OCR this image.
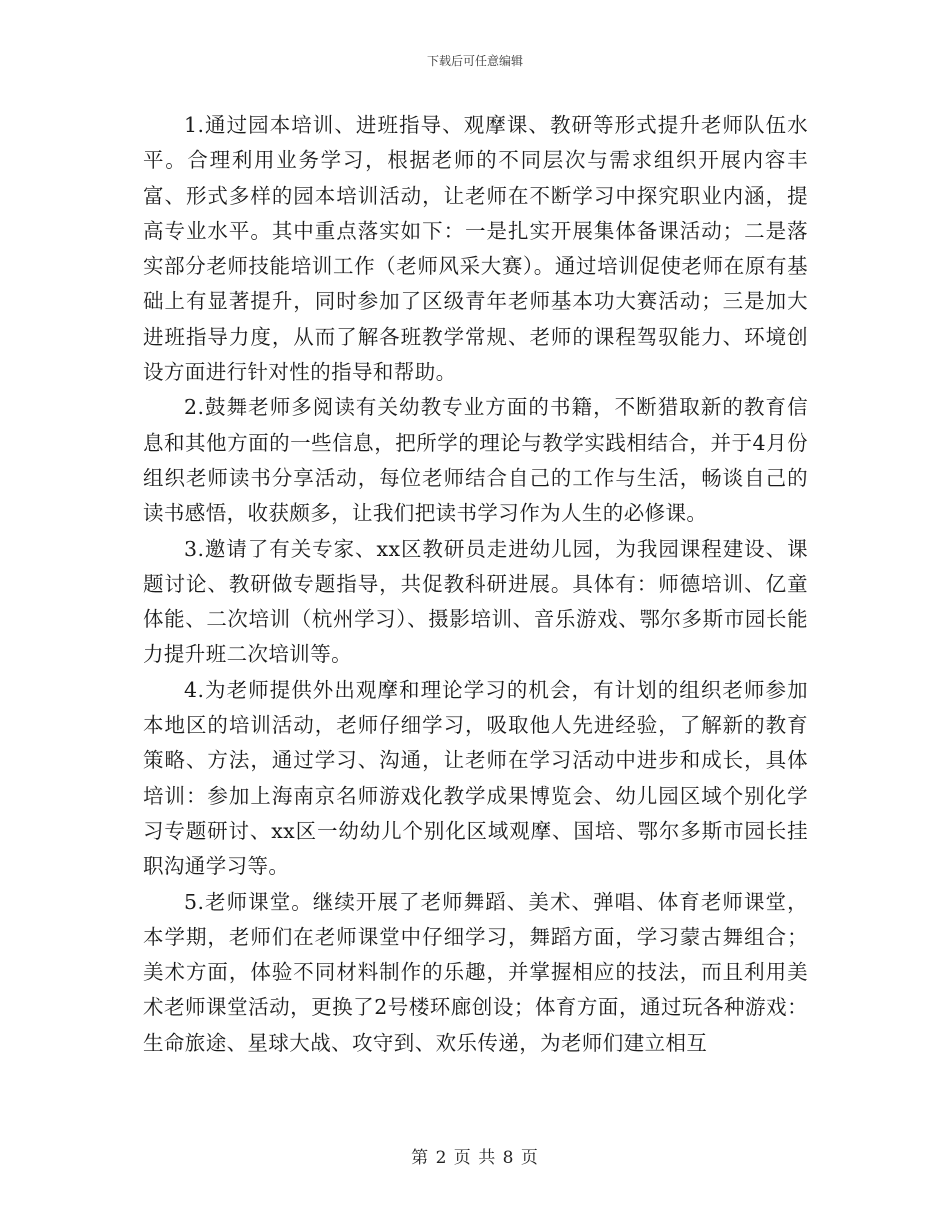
下载后可任意编辑

1.通过园本培训、进班指导、观摩课、教研等形式提升老师队伍水平。合理利用业务学习，根据老师的不同层次与需求组织开展内容丰富、形式多样的园本培训活动，让老师在不断学习中探究职业内涵，提高专业水平。其中重点落实如下：一是扎实开展集体备课活动；二是落实部分老师技能培训工作（老师风采大赛）。通过培训促使老师在原有基础上有显著提升，同时参加了区级青年老师基本功大赛活动；三是加大进班指导力度，从而了解各班教学常规、老师的课程驾驭能力、环境创设方面进行针对性的指导和帮助。

2.鼓舞老师多阅读有关幼教专业方面的书籍，不断猎取新的教育信息和其他方面的一些信息，把所学的理论与教学实践相结合，并于4月份组织老师读书分享活动，每位老师结合自己的工作与生活，畅谈自己的读书感悟，收获颇多，让我们把读书学习作为人生的必修课。

3.邀请了有关专家、xx区教研员走进幼儿园，为我园课程建设、课题讨论、教研做专题指导，共促教科研进展。具体有：师德培训、亿童体能、二次培训（杭州学习）、摄影培训、音乐游戏、鄂尔多斯市园长能力提升班二次培训等。

4.为老师提供外出观摩和理论学习的机会，有计划的组织老师参加本地区的培训活动，老师仔细学习，吸取他人先进经验，了解新的教育策略、方法，通过学习、沟通，让老师在学习活动中进步和成长，具体培训：参加上海南京名师游戏化教学成果博览会、幼儿园区域个别化学习专题研讨、xx区一幼幼儿个别化区域观摩、国培、鄂尔多斯市园长挂职沟通学习等。

5.老师课堂。继续开展了老师舞蹈、美术、弹唱、体育老师课堂，本学期，老师们在老师课堂中仔细学习，舞蹈方面，学习蒙古舞组合；美术方面，体验不同材料制作的乐趣，并掌握相应的技法，而且利用美术老师课堂活动，更换了2号楼环廊创设；体育方面，通过玩各种游戏：生命旅途、星球大战、攻守到、欢乐传递，为老师们建立相互

第 2 页 共 8 页
